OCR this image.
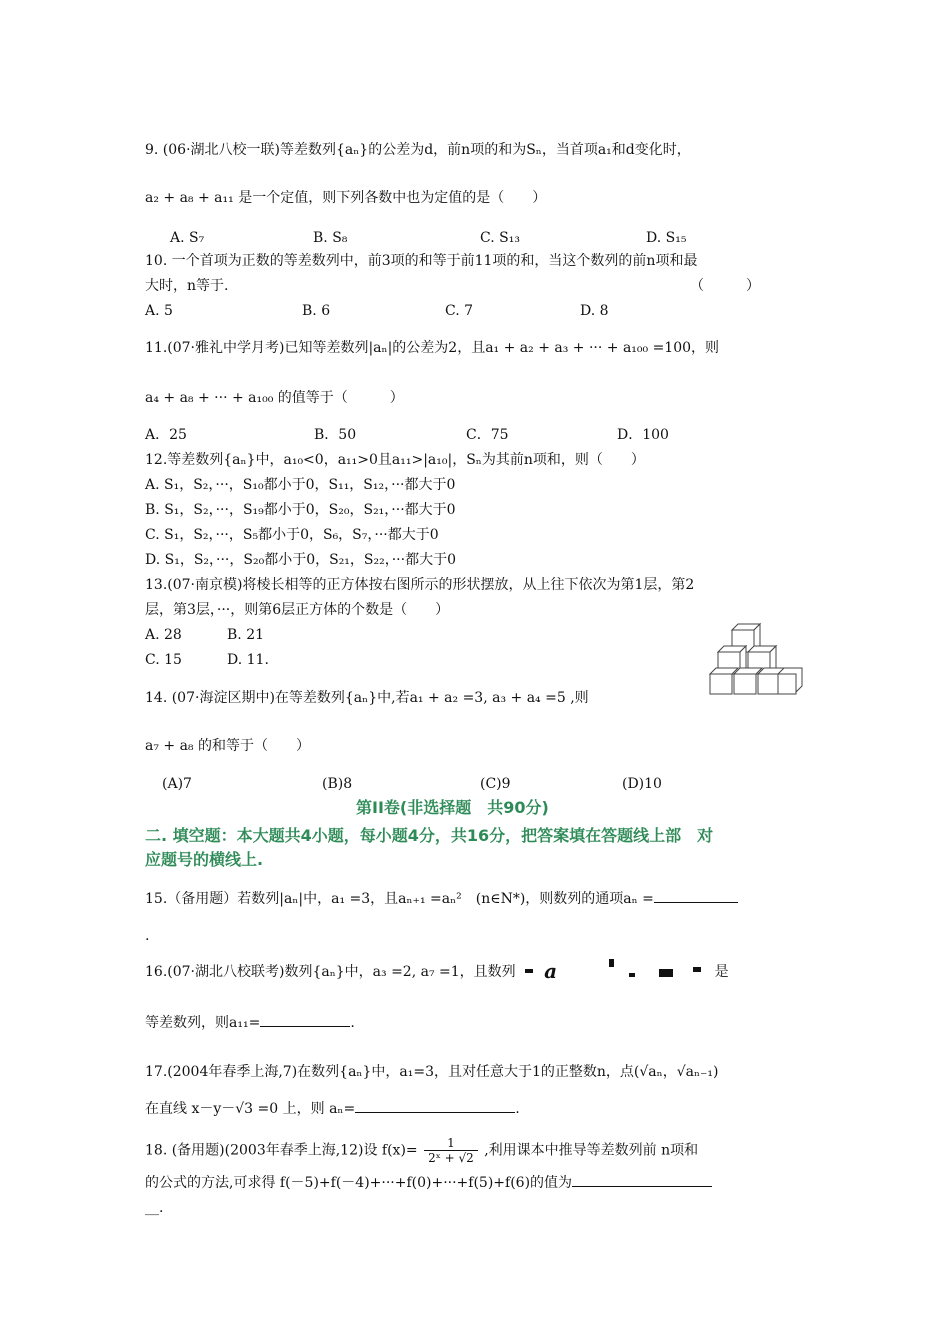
9. (06·湖北八校一联)等差数列{aₙ}的公差为d，前n项的和为Sₙ，当首项a₁和d变化时，
a₂ + a₈ + a₁₁ 是一个定值，则下列各数中也为定值的是（　　）
A. S₇	B. S₈	C. S₁₃	D. S₁₅
10. 一个首项为正数的等差数列中，前3项的和等于前11项的和，当这个数列的前n项和最
大时，n等于.	（　　　）
A. 5	B. 6	C. 7	D. 8
11.(07·雅礼中学月考)已知等差数列|aₙ|的公差为2，且a₁ + a₂ + a₃ + ··· + a₁₀₀ =100，则
a₄ + a₈ + ··· + a₁₀₀ 的值等于（　　　）
A．25	B．50	C．75	D．100
12.等差数列{aₙ}中，a₁₀<0，a₁₁>0且a₁₁>|a₁₀|，Sₙ为其前n项和，则（　　）
A. S₁，S₂，···，S₁₀都小于0，S₁₁，S₁₂，···都大于0
B. S₁，S₂，···，S₁₉都小于0，S₂₀，S₂₁，···都大于0
C. S₁，S₂，···，S₅都小于0，S₆，S₇，···都大于0
D. S₁，S₂，···，S₂₀都小于0，S₂₁，S₂₂，···都大于0
13.(07·南京模)将棱长相等的正方体按右图所示的形状摆放，从上往下依次为第1层，第2
层，第3层，···，则第6层正方体的个数是（　　）
A. 28	B. 21
C. 15	D. 11.
14. (07·海淀区期中)在等差数列{aₙ}中,若a₁ + a₂ =3, a₃ + a₄ =5 ,则
a₇ + a₈ 的和等于（　　）
(A)7	(B)8	(C)9	(D)10
第II卷(非选择题　共90分)
二. 填空题：本大题共4小题，每小题4分，共16分，把答案填在答题线上部　对
应题号的横线上.
15.（备用题）若数列|aₙ|中，a₁ =3，且aₙ₊₁ =aₙ²　(n∈N*)，则数列的通项aₙ =
.
16.(07·湖北八校联考)数列{aₙ}中，a₃ =2, a₇ =1，且数列 a	是
等差数列，则a₁₁=	.
17.(2004年春季上海,7)在数列{aₙ}中，a₁=3，且对任意大于1的正整数n，点(√aₙ，√aₙ₋₁)
在直线 x－y－√3 =0 上，则 aₙ=	.
18. (备用题)(2003年春季上海,12)设 $f(x)= \frac{1}{\text{2ˣ + √2}}$ ,利用课本中推导等差数列前 n项和
的公式的方法,可求得 f(－5)+f(－4)+···+f(0)+···+f(5)+f(6)的值为
__.
